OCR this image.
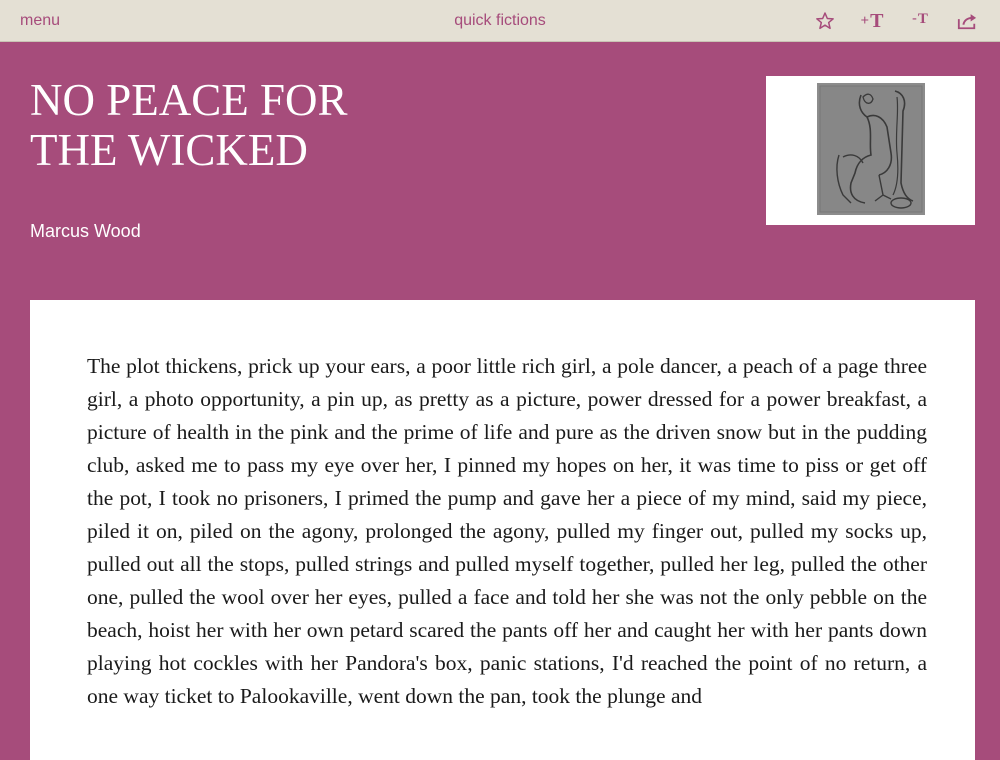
menu	quick fictions	+ T - T
NO PEACE FOR
THE WICKED
Marcus Wood

The plot thickens, prick up your ears, a poor little rich girl, a pole dancer, a peach of a page three girl, a photo opportunity, a pin up, as pretty as a picture, power dressed for a power breakfast, a picture of health in the pink and the prime of life and pure as the driven snow but in the pudding club, asked me to pass my eye over her, I pinned my hopes on her, it was time to piss or get off the pot, I took no prisoners, I primed the pump and gave her a piece of my mind, said my piece, piled it on, piled on the agony, prolonged the agony, pulled my finger out, pulled my socks up, pulled out all the stops, pulled strings and pulled myself together, pulled her leg, pulled the other one, pulled the wool over her eyes, pulled a face and told her she was not the only pebble on the beach, hoist her with her own petard scared the pants off her and caught her with her pants down playing hot cockles with her Pandora's box, panic stations, I'd reached the point of no return, a one way ticket to Palookaville, went down the pan, took the plunge and
